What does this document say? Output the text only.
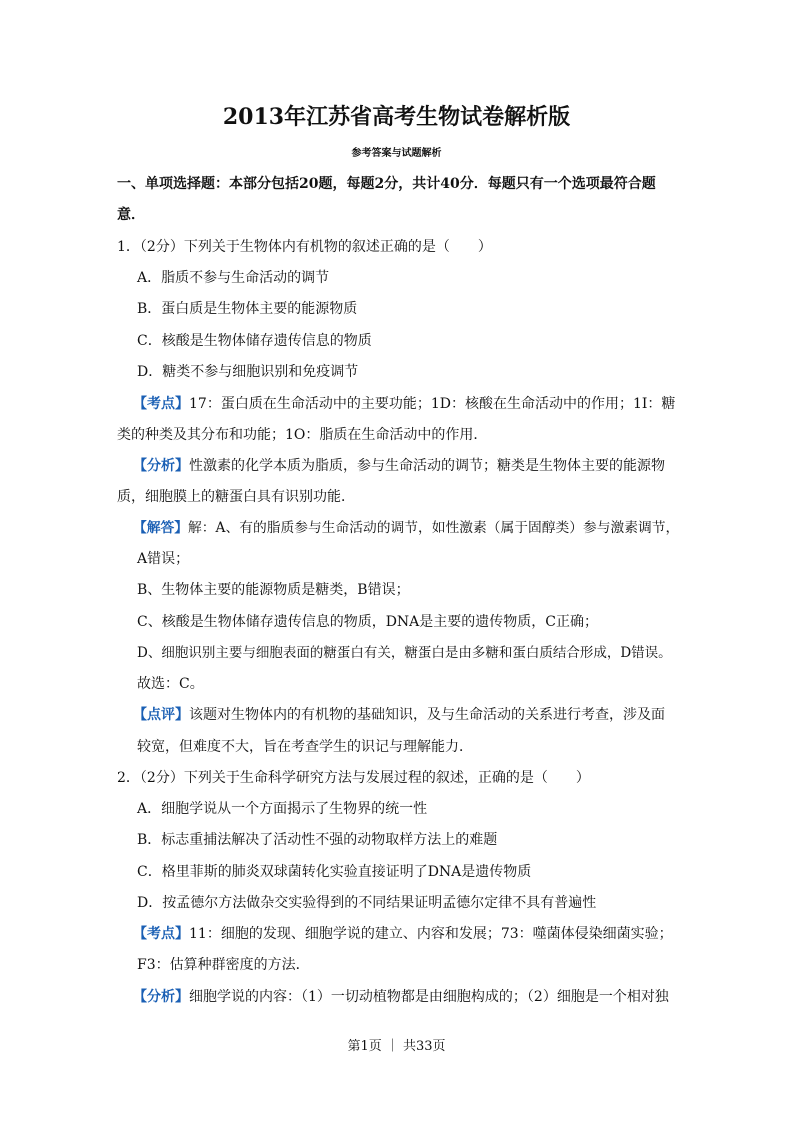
2013年江苏省高考生物试卷解析版
参考答案与试题解析
一、单项选择题：本部分包括20题，每题2分，共计40分．每题只有一个选项最符合题
意．
1．（2分）下列关于生物体内有机物的叙述正确的是（　　）
A．脂质不参与生命活动的调节
B．蛋白质是生物体主要的能源物质
C．核酸是生物体储存遗传信息的物质
D．糖类不参与细胞识别和免疫调节
【考点】17：蛋白质在生命活动中的主要功能；1D：核酸在生命活动中的作用；1I：糖
类的种类及其分布和功能；1O：脂质在生命活动中的作用．
【分析】性激素的化学本质为脂质，参与生命活动的调节；糖类是生物体主要的能源物
质，细胞膜上的糖蛋白具有识别功能．
【解答】解：A、有的脂质参与生命活动的调节，如性激素（属于固醇类）参与激素调节，
A错误；
B、生物体主要的能源物质是糖类，B错误；
C、核酸是生物体储存遗传信息的物质，DNA是主要的遗传物质，C正确；
D、细胞识别主要与细胞表面的糖蛋白有关，糖蛋白是由多糖和蛋白质结合形成，D错误。
故选：C。
【点评】该题对生物体内的有机物的基础知识，及与生命活动的关系进行考查，涉及面
较宽，但难度不大，旨在考查学生的识记与理解能力．
2．（2分）下列关于生命科学研究方法与发展过程的叙述，正确的是（　　）
A．细胞学说从一个方面揭示了生物界的统一性
B．标志重捕法解决了活动性不强的动物取样方法上的难题
C．格里菲斯的肺炎双球菌转化实验直接证明了DNA是遗传物质
D．按孟德尔方法做杂交实验得到的不同结果证明孟德尔定律不具有普遍性
【考点】11：细胞的发现、细胞学说的建立、内容和发展；73：噬菌体侵染细菌实验；
F3：估算种群密度的方法．
【分析】细胞学说的内容：（1）一切动植物都是由细胞构成的；（2）细胞是一个相对独
第1页 ｜ 共33页
